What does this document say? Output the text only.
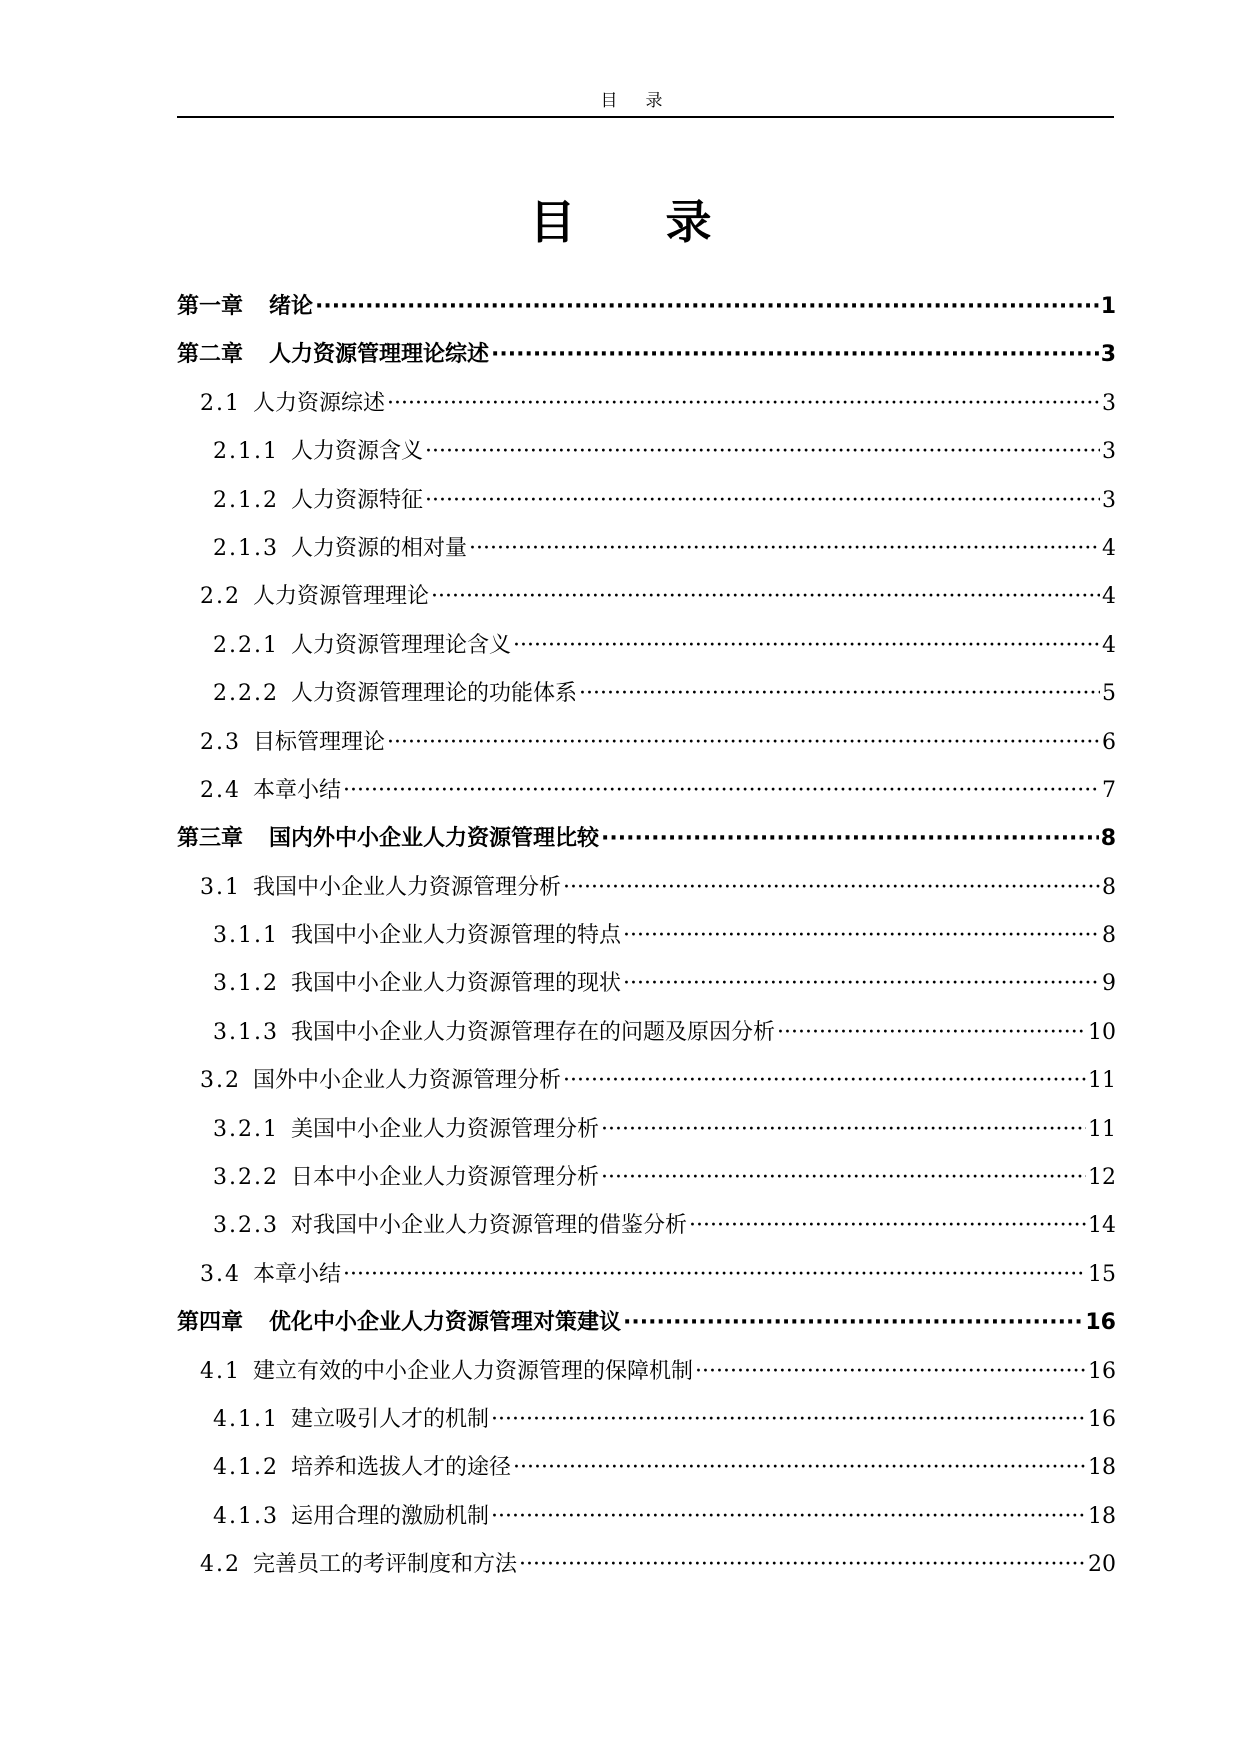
目录
目录
第一章 绪论 ·····	1
第二章 人力资源管理理论综述 ·····	3
2.1 人力资源综述 ·····	3
2.1.1 人力资源含义 ·····	3
2.1.2 人力资源特征 ·····	3
2.1.3 人力资源的相对量 ·····	4
2.2 人力资源管理理论 ·····	4
2.2.1 人力资源管理理论含义 ·····	4
2.2.2 人力资源管理理论的功能体系 ·····	5
2.3 目标管理理论 ·····	6
2.4 本章小结 ·····	7
第三章 国内外中小企业人力资源管理比较 ·····	8
3.1 我国中小企业人力资源管理分析 ·····	8
3.1.1 我国中小企业人力资源管理的特点 ·····	8
3.1.2 我国中小企业人力资源管理的现状 ·····	9
3.1.3 我国中小企业人力资源管理存在的问题及原因分析 ·····	10
3.2 国外中小企业人力资源管理分析 ·····	11
3.2.1 美国中小企业人力资源管理分析 ·····	11
3.2.2 日本中小企业人力资源管理分析 ·····	12
3.2.3 对我国中小企业人力资源管理的借鉴分析 ·····	14
3.4 本章小结 ·····	15
第四章 优化中小企业人力资源管理对策建议 ·····	16
4.1 建立有效的中小企业人力资源管理的保障机制 ·····	16
4.1.1 建立吸引人才的机制 ·····	16
4.1.2 培养和选拔人才的途径 ·····	18
4.1.3 运用合理的激励机制 ·····	18
4.2 完善员工的考评制度和方法 ·····	20
